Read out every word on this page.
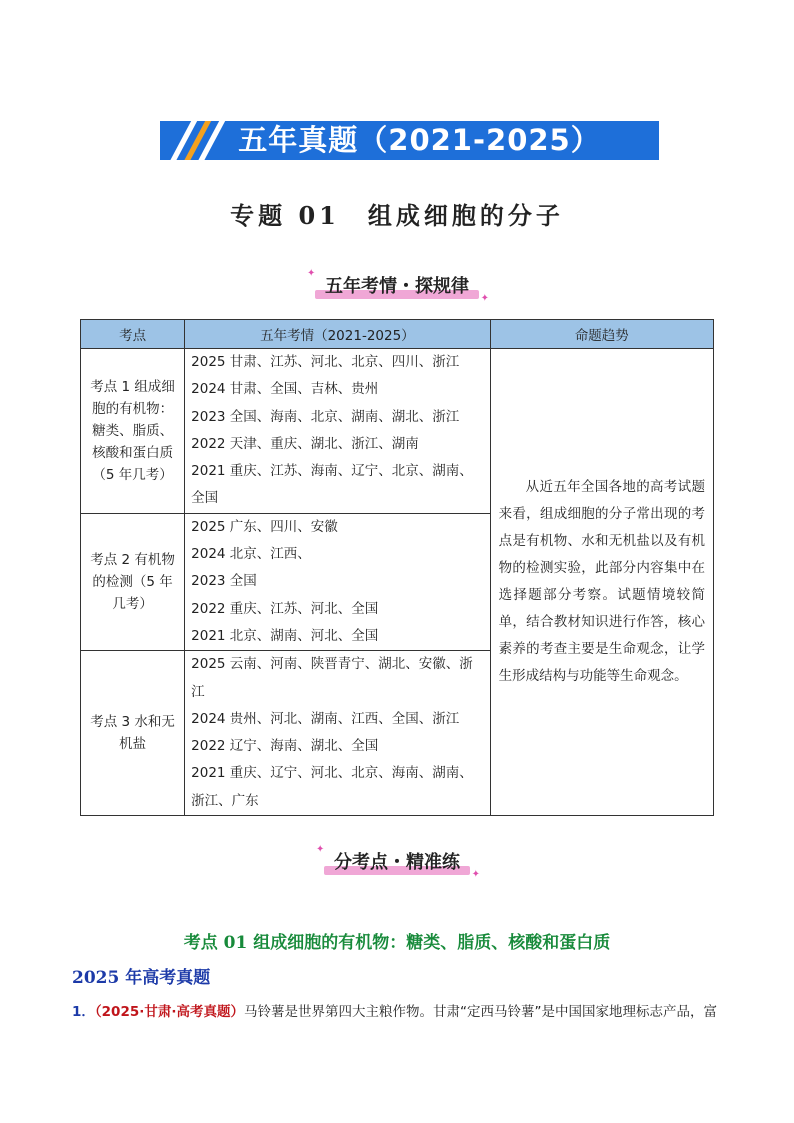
五年真题（2021-2025）
专题 01　组成细胞的分子
五年考情・探规律
✦
✦
考点	五年考情（2021-2025）	命题趋势
考点 1 组成细胞的有机物：糖类、脂质、核酸和蛋白质（5 年几考）	2025 甘肃、江苏、河北、北京、四川、浙江
2024 甘肃、全国、吉林、贵州
2023 全国、海南、北京、湖南、湖北、浙江
2022 天津、重庆、湖北、浙江、湖南
2021 重庆、江苏、海南、辽宁、北京、湖南、全国	从近五年全国各地的高考试题来看，组成细胞的分子常出现的考点是有机物、水和无机盐以及有机物的检测实验，此部分内容集中在选择题部分考察。试题情境较简单，结合教材知识进行作答，核心素养的考查主要是生命观念，让学生形成结构与功能等生命观念。
考点 2 有机物的检测（5 年几考）	2025 广东、四川、安徽
2024 北京、江西、
2023 全国
2022 重庆、江苏、河北、全国
2021 北京、湖南、河北、全国	

考点 3 水和无机盐	2025 云南、河南、陕晋青宁、湖北、安徽、浙江
2024 贵州、河北、湖南、江西、全国、浙江
2022 辽宁、海南、湖北、全国
2021 重庆、辽宁、河北、北京、海南、湖南、浙江、广东	
分考点・精准练
✦
✦
考点 01 组成细胞的有机物：糖类、脂质、核酸和蛋白质
2025 年高考真题
1．（2025·甘肃·高考真题）马铃薯是世界第四大主粮作物。甘肃“定西马铃薯”是中国国家地理标志产品，富
